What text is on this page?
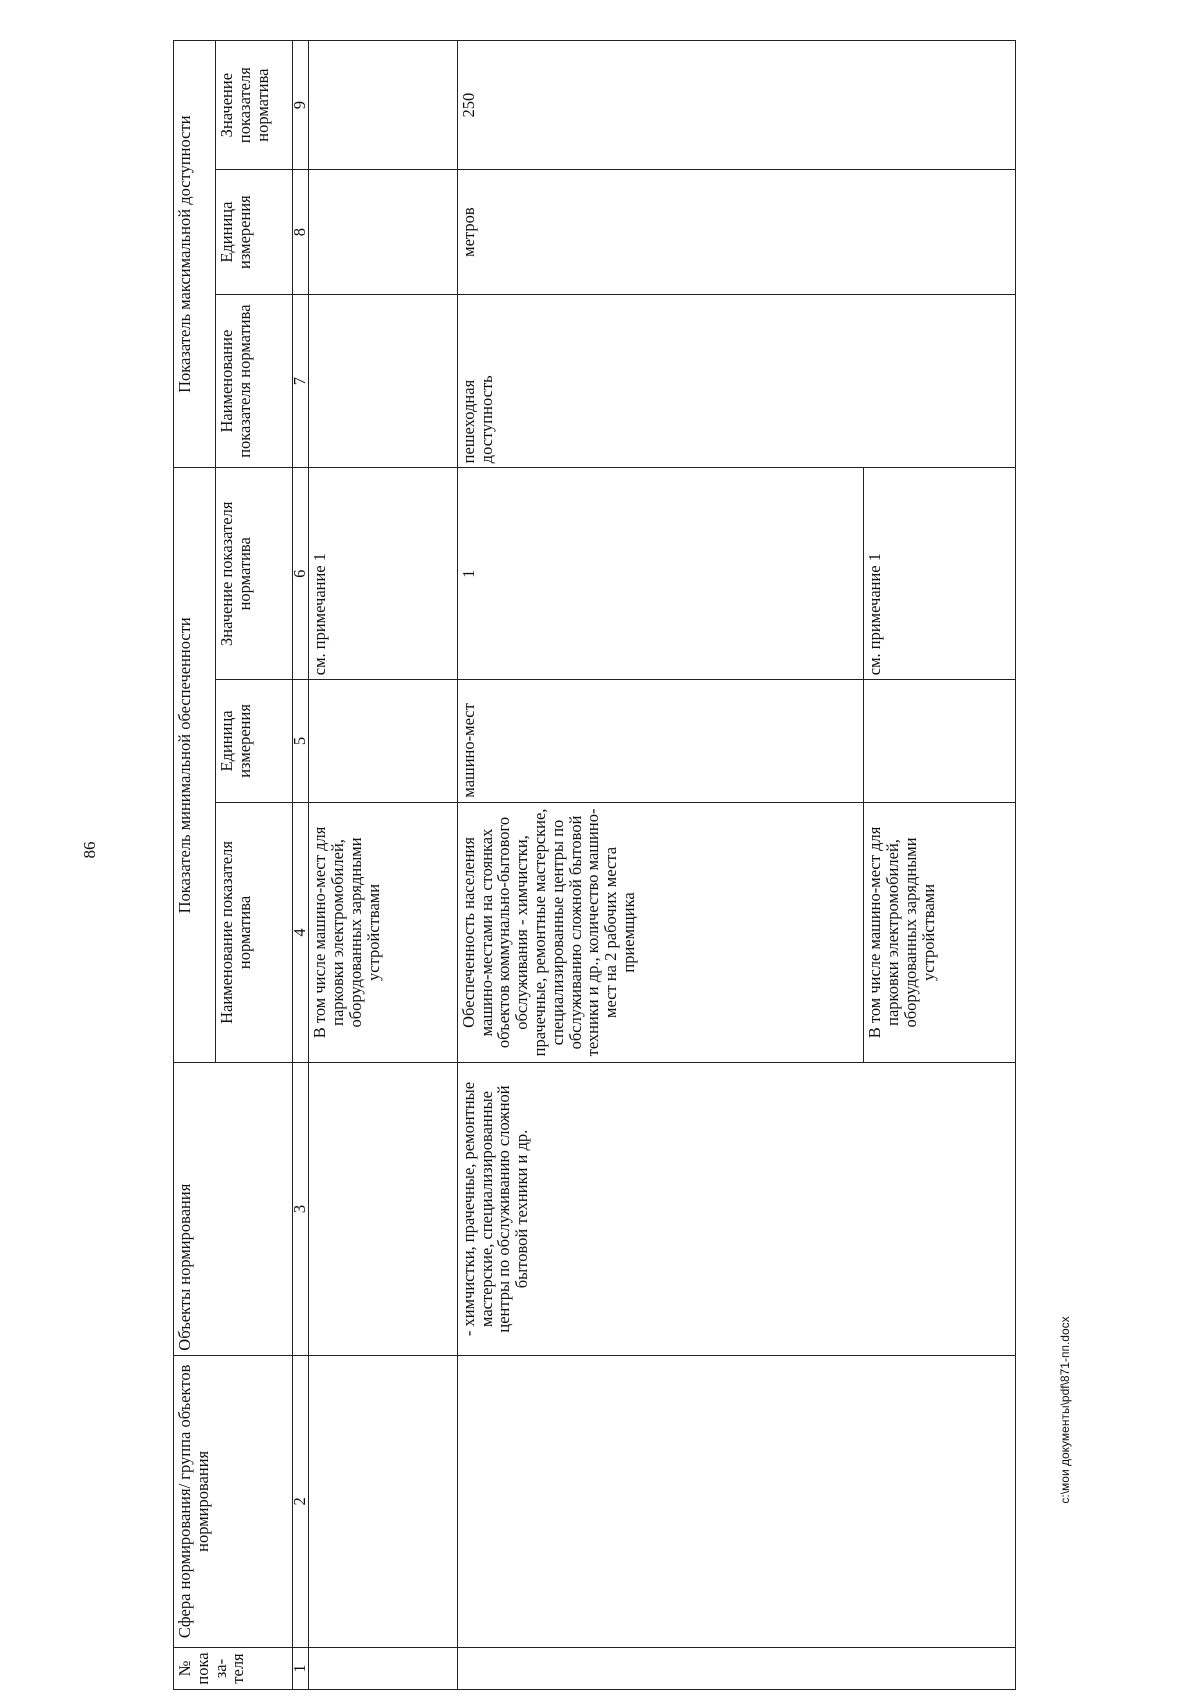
86
№ показа-теля	Сфера нормирования/ группа объектов нормирования	Объекты нормирования	Показатель минимальной обеспеченности			Показатель максимальной доступности		
			Наименование показателя норматива	Единица измерения	Значение показателя норматива	Наименование показателя норматива	Единица измерения	Значение показателя норматива
1	2	3	4	5	6	7	8	9
			В том числе машино-мест для парковки электромобилей, оборудованных зарядными устройствами		см. примечание 1			
		- химчистки, прачечные, ремонтные мастерские, специализированные центры по обслуживанию сложной бытовой техники и др.	Обеспеченность населения машино-местами на стоянках объектов коммунально-бытового обслуживания - химчистки, прачечные, ремонтные мастерские, специализированные центры по обслуживанию сложной бытовой техники и др., количество машино-мест на 2 рабочих места приемщика	машино-мест	1	пешеходная доступность	метров	250
			В том числе машино-мест для парковки электромобилей, оборудованных зарядными устройствами		см. примечание 1			
c:\мои документы\pdf\871-пп.docx
